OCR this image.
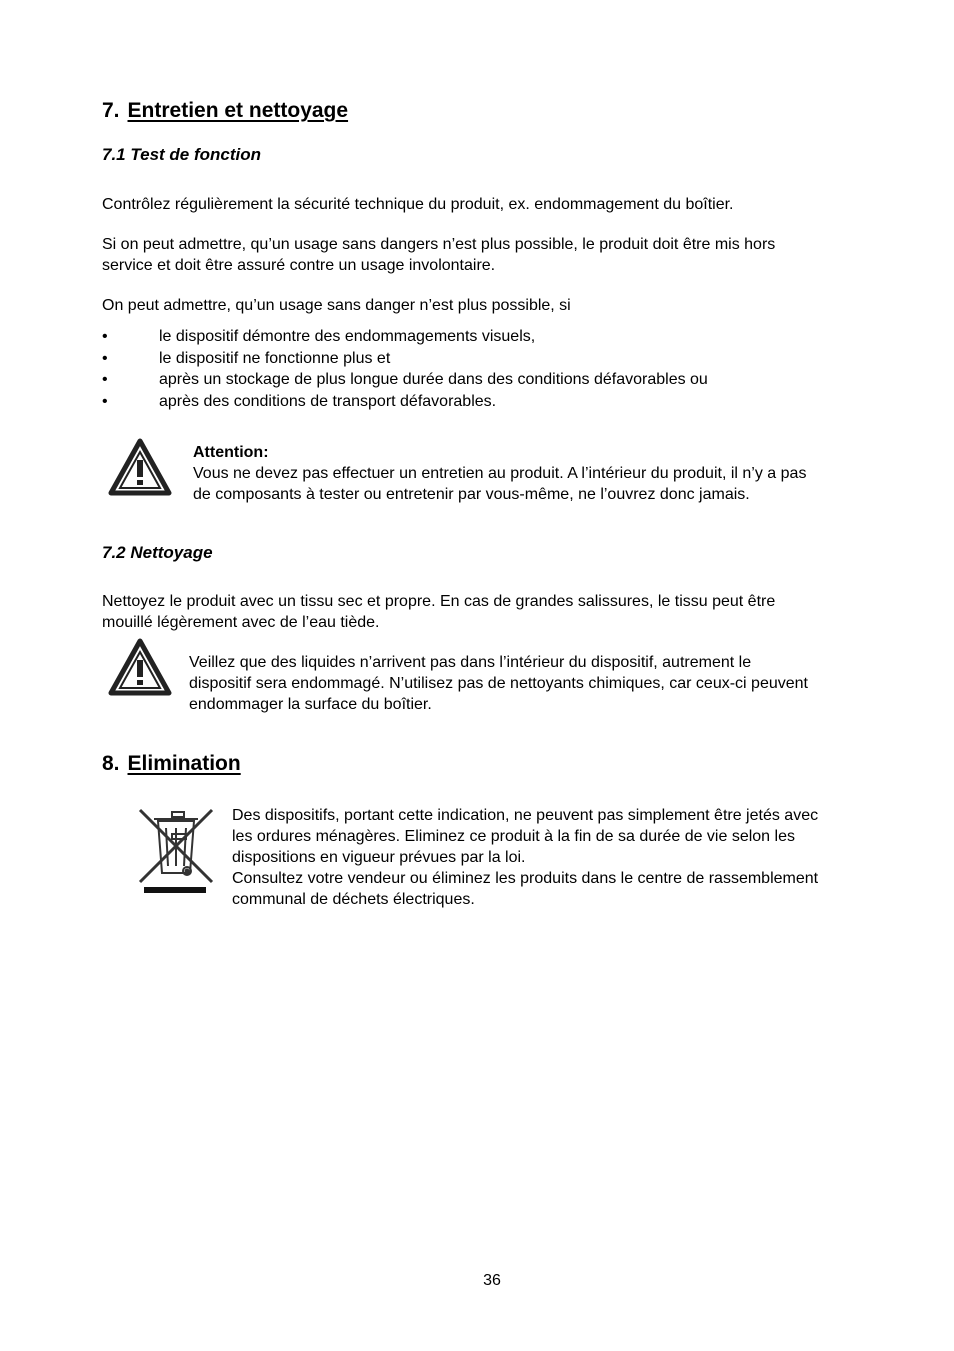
7. Entretien et nettoyage
7.1 Test de fonction
Contrôlez régulièrement la sécurité technique du produit, ex. endommagement du boîtier.
Si on peut admettre, qu’un usage sans dangers n’est plus possible, le produit doit être mis hors
service et doit être assuré contre un usage involontaire.
On peut admettre, qu’un usage sans danger n’est plus possible, si
•	le dispositif démontre des endommagements visuels,
•	le dispositif ne fonctionne plus et
•	après un stockage de plus longue durée dans des conditions défavorables ou
•	après des conditions de transport défavorables.
Attention:
Vous ne devez pas effectuer un entretien au produit. A l’intérieur du produit, il n’y a pas
de composants à tester ou entretenir par vous-même, ne l’ouvrez donc jamais.
7.2 Nettoyage
Nettoyez le produit avec un tissu sec et propre. En cas de grandes salissures, le tissu peut être
mouillé légèrement avec de l’eau tiède.
Veillez que des liquides n’arrivent pas dans l’intérieur du dispositif, autrement le
dispositif sera endommagé. N’utilisez pas de nettoyants chimiques, car ceux-ci peuvent
endommager la surface du boîtier.
8. Elimination
Des dispositifs, portant cette indication, ne peuvent pas simplement être jetés avec
les ordures ménagères. Eliminez ce produit à la fin de sa durée de vie selon les
dispositions en vigueur prévues par la loi.
Consultez votre vendeur ou éliminez les produits dans le centre de rassemblement
communal de déchets électriques.
36
